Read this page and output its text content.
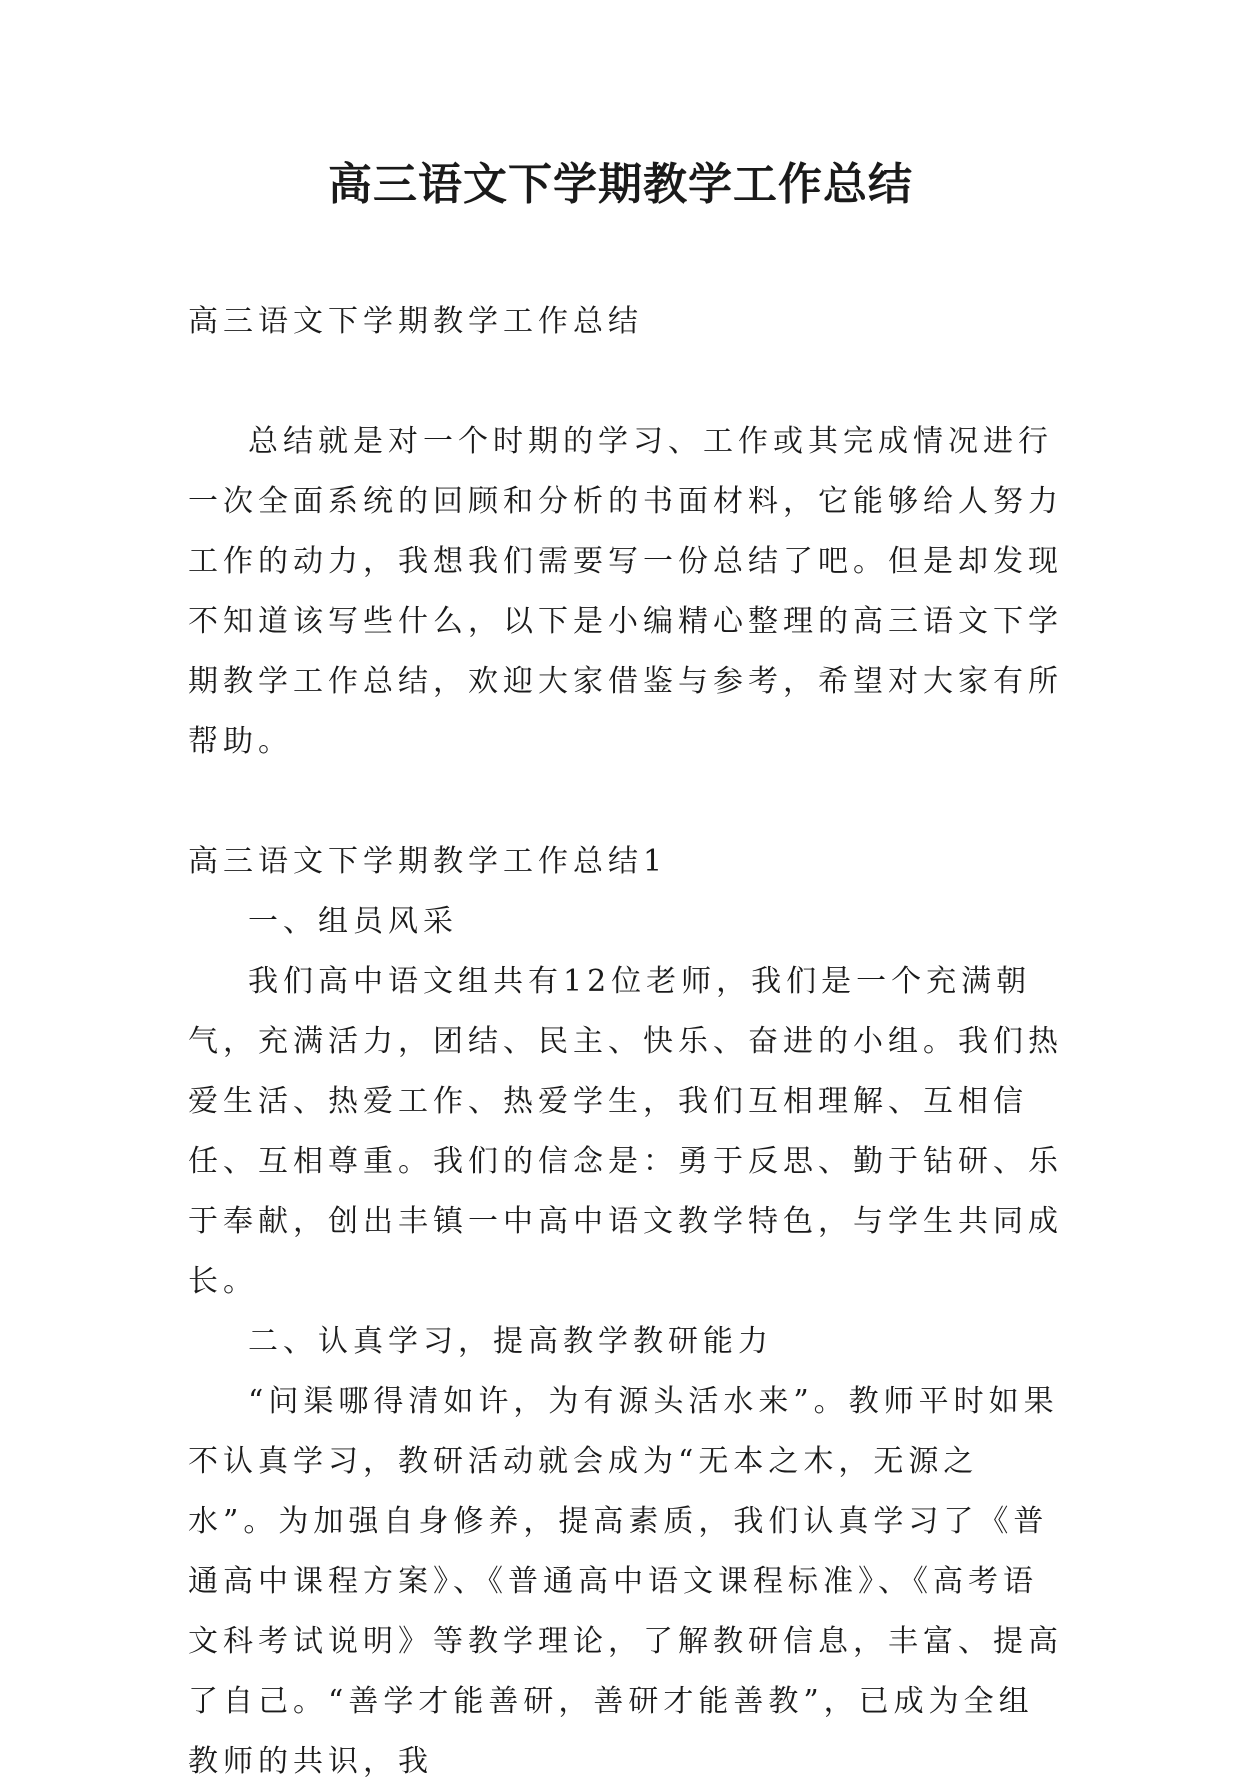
高三语文下学期教学工作总结

高三语文下学期教学工作总结

总结就是对一个时期的学习、工作或其完成情况进行一次全面系统的回顾和分析的书面材料，它能够给人努力工作的动力，我想我们需要写一份总结了吧。但是却发现不知道该写些什么，以下是小编精心整理的高三语文下学期教学工作总结，欢迎大家借鉴与参考，希望对大家有所帮助。

高三语文下学期教学工作总结1

一、组员风采

我们高中语文组共有12位老师，我们是一个充满朝气，充满活力，团结、民主、快乐、奋进的小组。我们热爱生活、热爱工作、热爱学生，我们互相理解、互相信任、互相尊重。我们的信念是：勇于反思、勤于钻研、乐于奉献，创出丰镇一中高中语文教学特色，与学生共同成长。

二、认真学习，提高教学教研能力

“问渠哪得清如许，为有源头活水来”。教师平时如果不认真学习，教研活动就会成为“无本之木，无源之水”。为加强自身修养，提高素质，我们认真学习了《普通高中课程方案》、《普通高中语文课程标准》、《高考语文科考试说明》等教学理论，了解教研信息，丰富、提高了自己。“善学才能善研，善研才能善教”，已成为全组教师的共识，我
